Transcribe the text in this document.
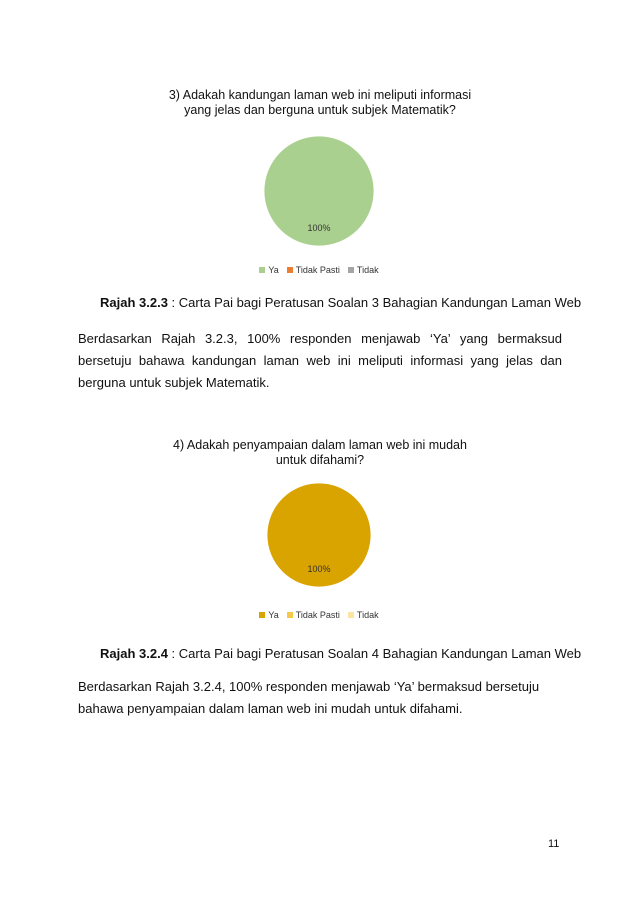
3) Adakah kandungan laman web ini meliputi informasi
yang jelas dan berguna untuk subjek Matematik?
100%
Ya Tidak Pasti Tidak
Rajah 3.2.3 : Carta Pai bagi Peratusan Soalan 3 Bahagian Kandungan Laman Web
Berdasarkan Rajah 3.2.3, 100% responden menjawab ‘Ya’ yang bermaksud bersetuju bahawa kandungan laman web ini meliputi informasi yang jelas dan berguna untuk subjek Matematik.
4) Adakah penyampaian dalam laman web ini mudah
untuk difahami?
100%
Ya Tidak Pasti Tidak
Rajah 3.2.4 : Carta Pai bagi Peratusan Soalan 4 Bahagian Kandungan Laman Web
Berdasarkan Rajah 3.2.4, 100% responden menjawab ‘Ya’ bermaksud bersetuju bahawa penyampaian dalam laman web ini mudah untuk difahami.
11
